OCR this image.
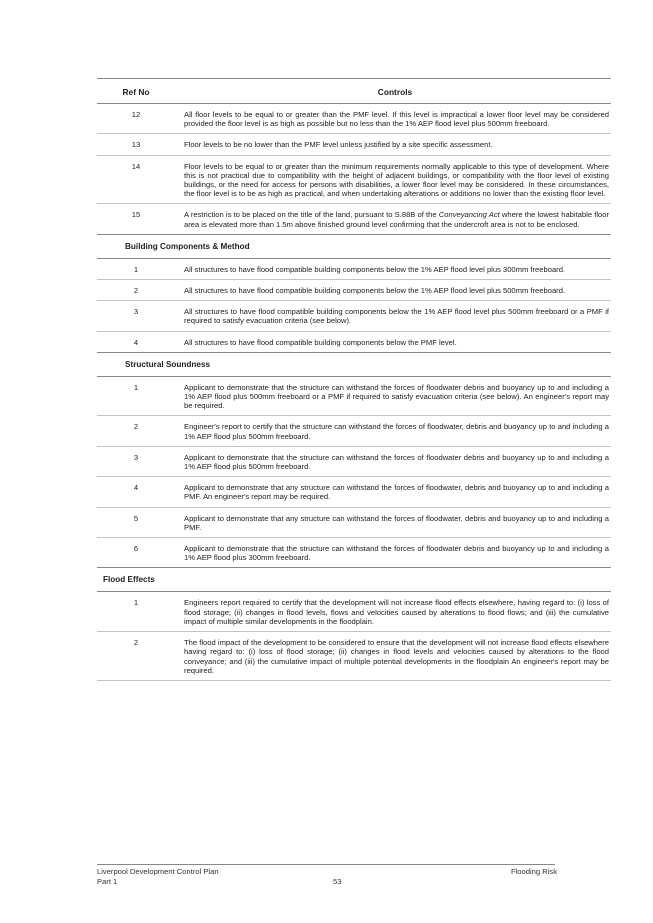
Ref No	Controls
12	All floor levels to be equal to or greater than the PMF level. If this level is impractical a lower floor level may be considered provided the floor level is as high as possible but no less than the 1% AEP flood level plus 500mm freeboard.
13	Floor levels to be no lower than the PMF level unless justified by a site specific assessment.
14	Floor levels to be equal to or greater than the minimum requirements normally applicable to this type of development. Where this is not practical due to compatibility with the height of adjacent buildings, or compatibility with the floor level of existing buildings, or the need for access for persons with disabilities, a lower floor level may be considered. In these circumstances, the floor level is to be as high as practical, and when undertaking alterations or additions no lower than the existing floor level.
15	A restriction is to be placed on the title of the land, pursuant to S.88B of the Conveyancing Act where the lowest habitable floor area is elevated more than 1.5m above finished ground level confirming that the undercroft area is not to be enclosed.
Building Components & Method
1	All structures to have flood compatible building components below the 1% AEP flood level plus 300mm freeboard.
2	All structures to have flood compatible building components below the 1% AEP flood level plus 500mm freeboard.
3	All structures to have flood compatible building components below the 1% AEP flood level plus 500mm freeboard or a PMF if required to satisfy evacuation criteria (see below).
4	All structures to have flood compatible building components below the PMF level.
Structural Soundness
1	Applicant to demonstrate that the structure can withstand the forces of floodwater debris and buoyancy up to and including a 1% AEP flood plus 500mm freeboard or a PMF if required to satisfy evacuation criteria (see below). An engineer's report may be required.
2	Engineer's report to certify that the structure can withstand the forces of floodwater, debris and buoyancy up to and including a 1% AEP flood plus 500mm freeboard.
3	Applicant to demonstrate that the structure can withstand the forces of floodwater debris and buoyancy up to and including a 1% AEP flood plus 500mm freeboard.
4	Applicant to demonstrate that any structure can withstand the forces of floodwater, debris and buoyancy up to and including a PMF. An engineer's report may be required.
5	Applicant to demonstrate that any structure can withstand the forces of floodwater, debris and buoyancy up to and including a PMF.
6	Applicant to demonstrate that the structure can withstand the forces of floodwater debris and buoyancy up to and including a 1% AEP flood plus 300mm freeboard.
Flood Effects
1	Engineers report required to certify that the development will not increase flood effects elsewhere, having regard to: (i) loss of flood storage; (ii) changes in flood levels, flows and velocities caused by alterations to flood flows; and (iii) the cumulative impact of multiple similar developments in the floodplain.
2	The flood impact of the development to be considered to ensure that the development will not increase flood effects elsewhere having regard to: (i) loss of flood storage; (ii) changes in flood levels and velocities caused by alterations to the flood conveyance; and (iii) the cumulative impact of multiple potential developments in the floodplain An engineer's report may be required.
Liverpool Development Control Plan
Part 1	53
Flooding Risk
